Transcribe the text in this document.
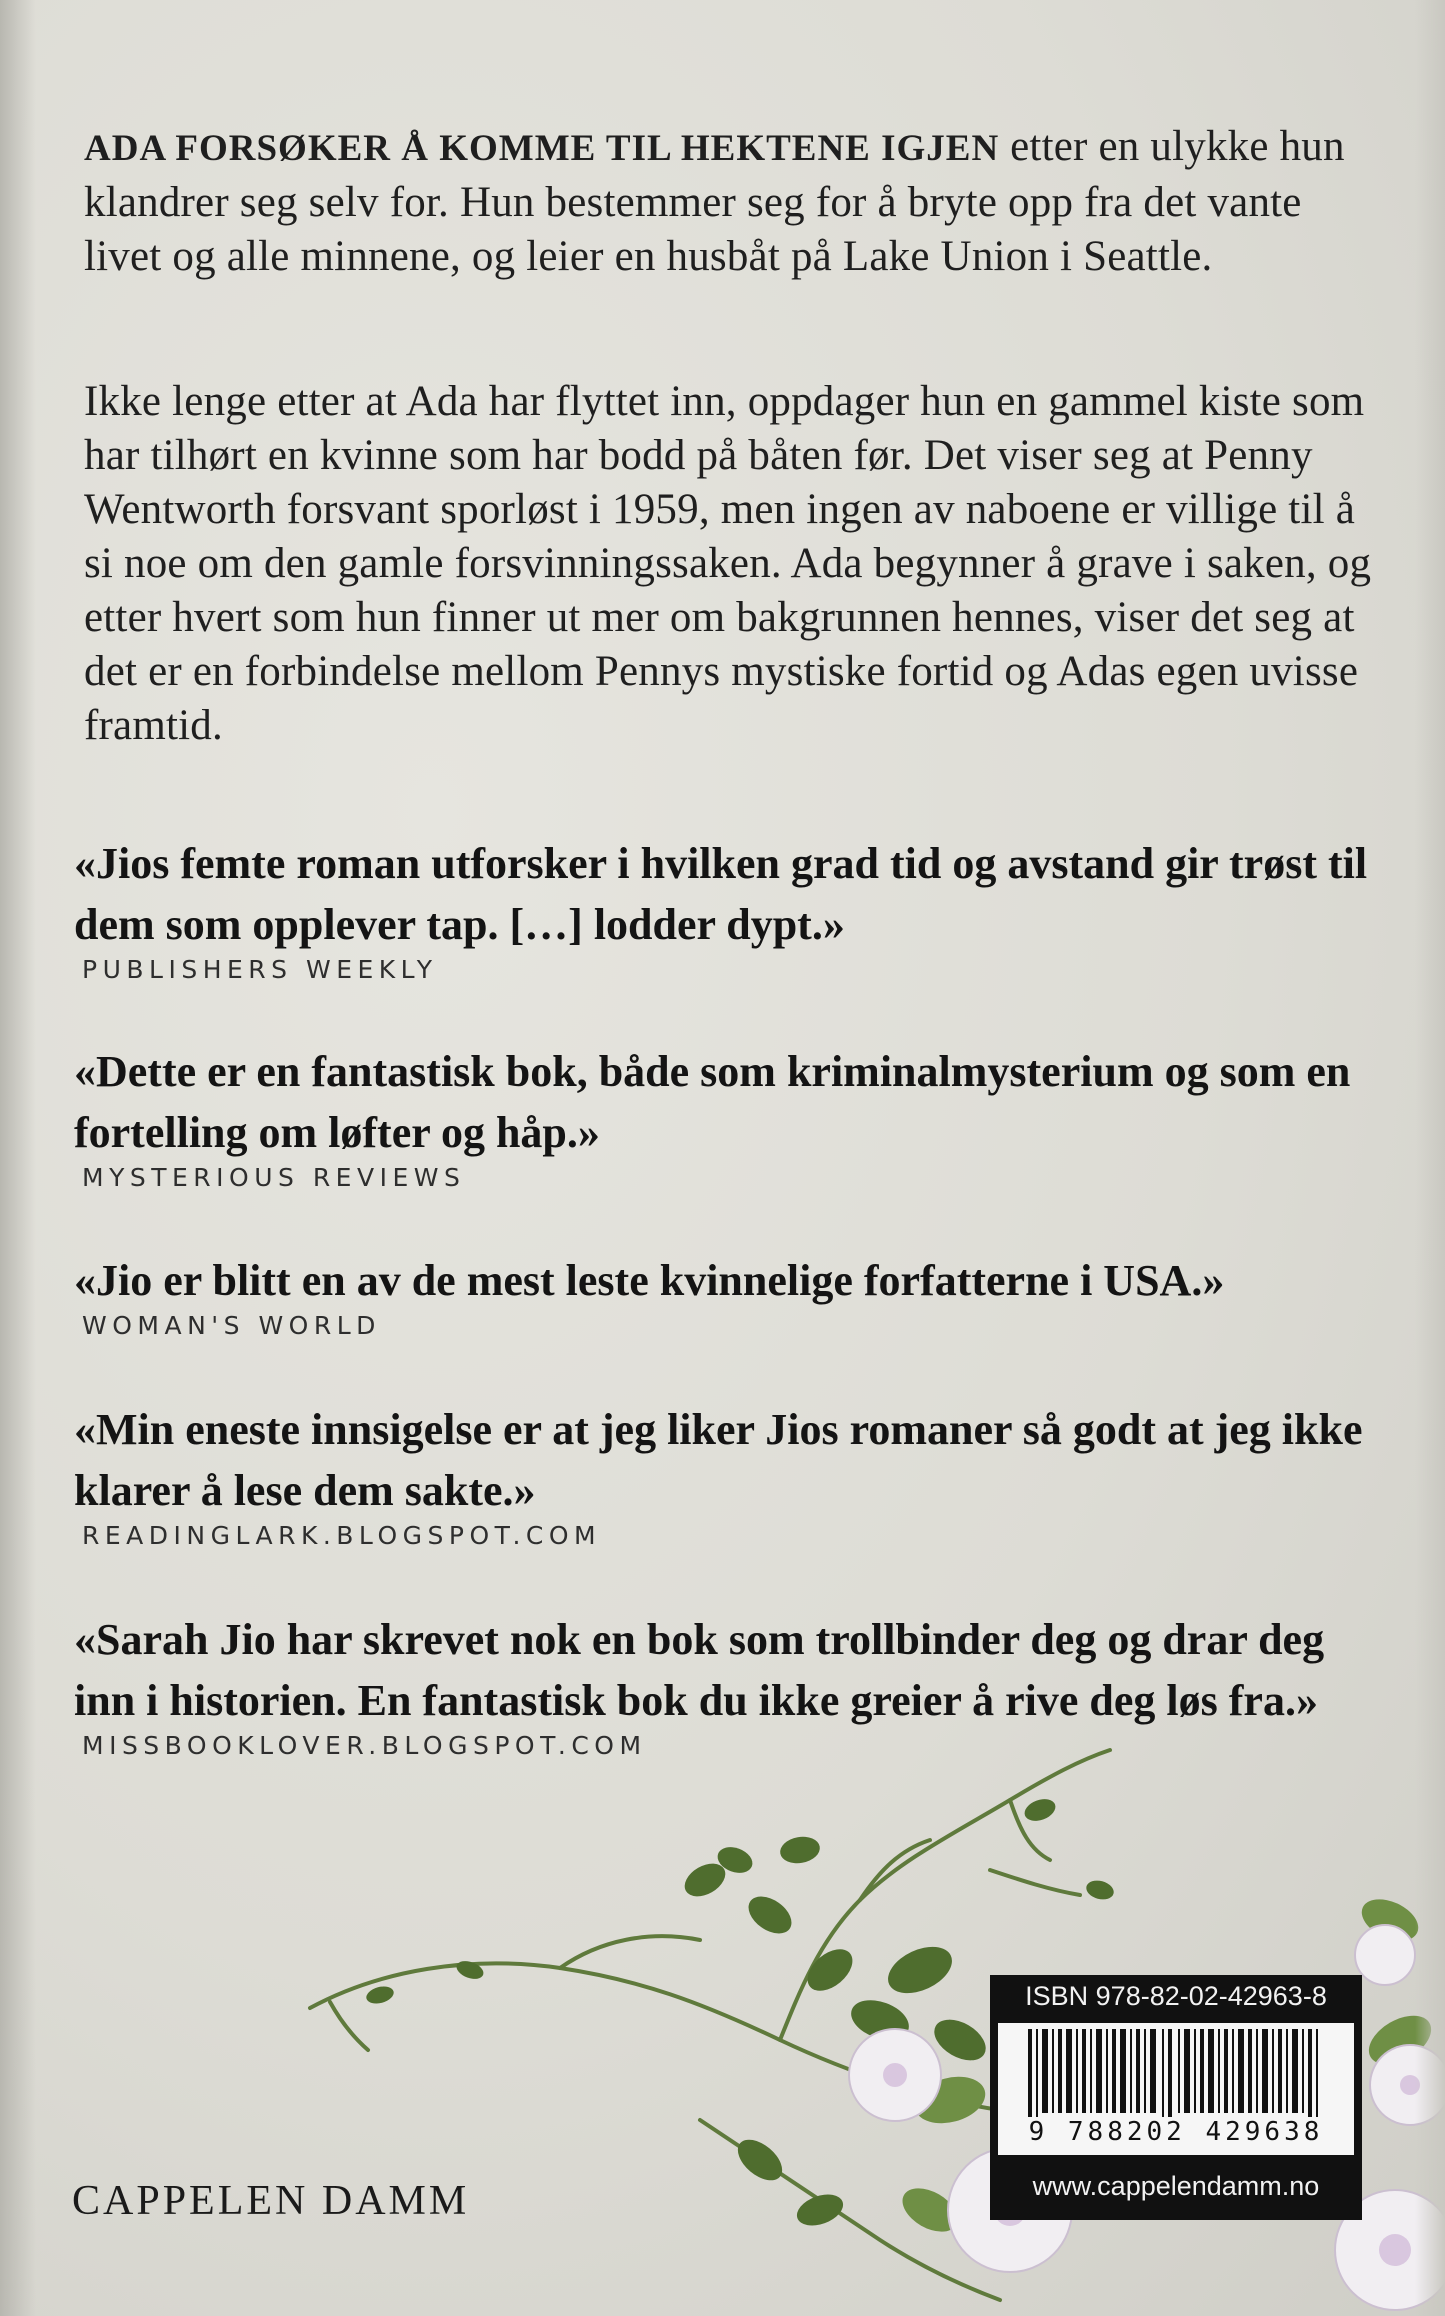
ADA FORSØKER Å KOMME TIL HEKTENE IGJEN etter en ulykke hun klandrer seg selv for. Hun bestemmer seg for å bryte opp fra det vante livet og alle minnene, og leier en husbåt på Lake Union i Seattle.

Ikke lenge etter at Ada har flyttet inn, oppdager hun en gammel kiste som har tilhørt en kvinne som har bodd på båten før. Det viser seg at Penny Wentworth forsvant sporløst i 1959, men ingen av naboene er villige til å si noe om den gamle forsvinningssaken. Ada begynner å grave i saken, og etter hvert som hun finner ut mer om bakgrunnen hennes, viser det seg at det er en forbindelse mellom Pennys mystiske fortid og Adas egen uvisse framtid.

«Jios femte roman utforsker i hvilken grad tid og avstand gir trøst til dem som opplever tap. […] lodder dypt.»
PUBLISHERS WEEKLY
«Dette er en fantastisk bok, både som kriminalmysterium og som en fortelling om løfter og håp.»
MYSTERIOUS REVIEWS
«Jio er blitt en av de mest leste kvinnelige forfatterne i USA.»
WOMAN'S WORLD
«Min eneste innsigelse er at jeg liker Jios romaner så godt at jeg ikke klarer å lese dem sakte.»
READINGLARK.BLOGSPOT.COM
«Sarah Jio har skrevet nok en bok som trollbinder deg og drar deg inn i historien. En fantastisk bok du ikke greier å rive deg løs fra.»
MISSBOOKLOVER.BLOGSPOT.COM
ISBN 978-82-02-42963-8
9 788202 429638
www.cappelendamm.no
CAPPELEN DAMM
